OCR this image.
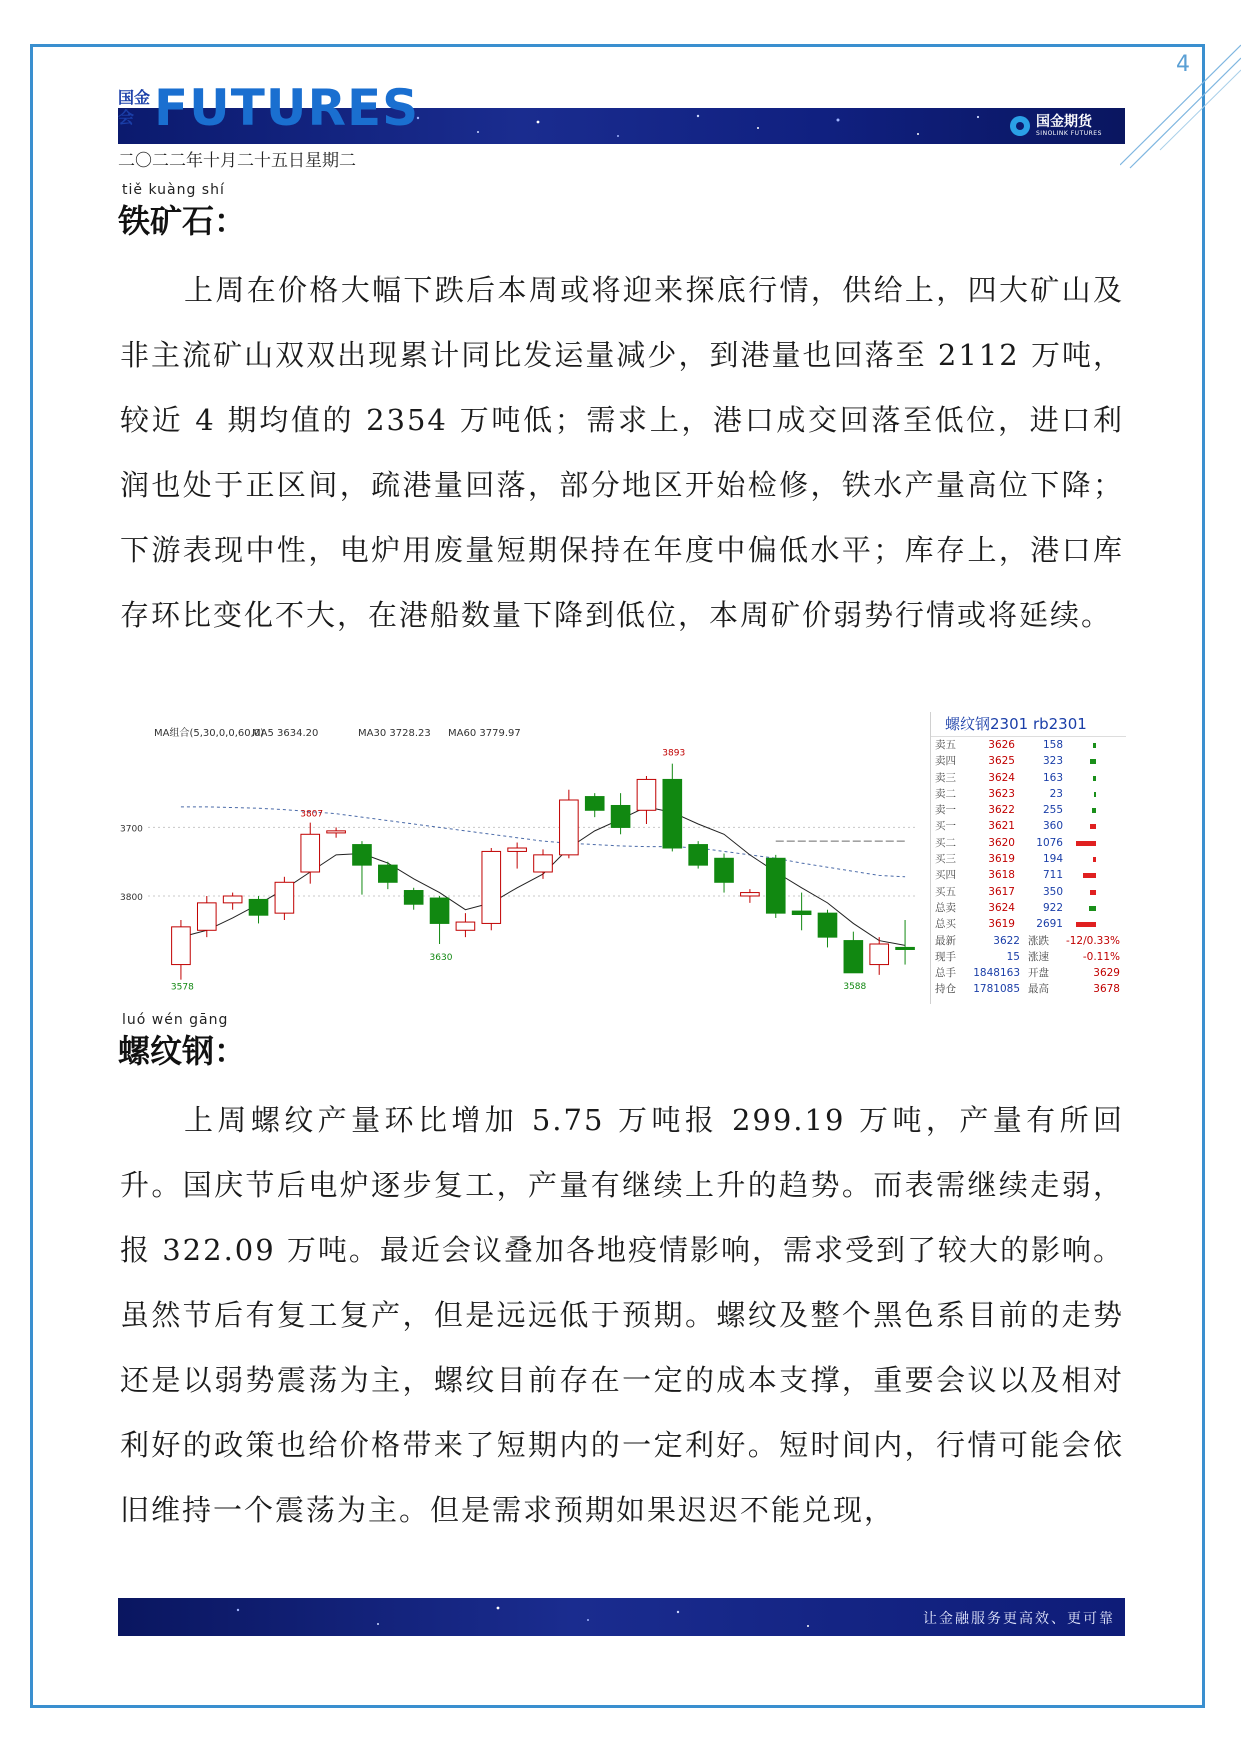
4
国金
会 FUTURES	国金期货
SINOLINK FUTURES
二〇二二年十月二十五日星期二
tiě kuàng shí
铁矿石：

上周在价格大幅下跌后本周或将迎来探底行情，供给上，四大矿山及非主流矿山双双出现累计同比发运量减少，到港量也回落至 2112 万吨，较近 4 期均值的 2354 万吨低；需求上，港口成交回落至低位，进口利润也处于正区间，疏港量回落，部分地区开始检修，铁水产量高位下降；下游表现中性，电炉用废量短期保持在年度中偏低水平；库存上，港口库存环比变化不大，在港船数量下降到低位，本周矿价弱势行情或将延续。

MA5 3634.20	MA30 3728.23 MA60 3779.97
MA组合(5,30,0,0,60,0)
3800
3700
3807
3893
3630
3588
3578
螺纹钢2301 rb2301
卖五	3626	158
卖四	3625	323
卖三	3624	163
卖二	3623	23
卖一	3622	255
买一	3621	360
买二	3620	1076
买三	3619	194
买四	3618	711
买五	3617	350
总卖	3624	922
总买	3619	2691
最新	3622 涨跌	-12/0.33%
现手	15 涨速	-0.11%
总手	1848163 开盘	3629
持仓	1781085 最高	3678
luó wén gāng
螺纹钢：

上周螺纹产量环比增加 5.75 万吨报 299.19 万吨，产量有所回升。国庆节后电炉逐步复工，产量有继续上升的趋势。而表需继续走弱，报 322.09 万吨。最近会议叠加各地疫情影响，需求受到了较大的影响。虽然节后有复工复产，但是远远低于预期。螺纹及整个黑色系目前的走势还是以弱势震荡为主，螺纹目前存在一定的成本支撑，重要会议以及相对利好的政策也给价格带来了短期内的一定利好。短时间内，行情可能会依旧维持一个震荡为主。但是需求预期如果迟迟不能兑现，

让金融服务更高效、更可靠
